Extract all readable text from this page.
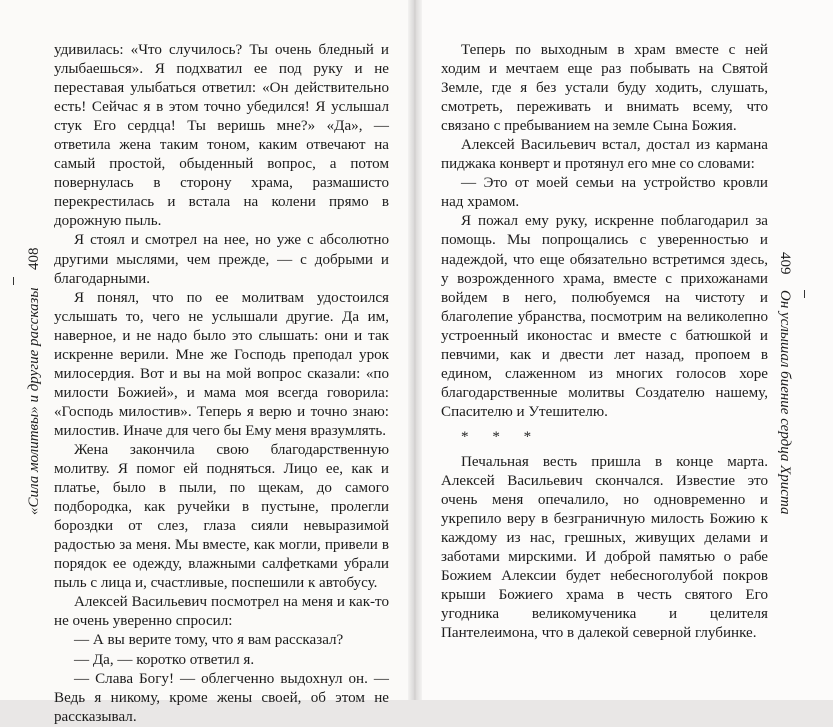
408
«Сила молитвы» и другие рассказы

удивилась: «Что случилось? Ты очень бледный и улыбаешься». Я подхватил ее под руку и не переставая улыбаться ответил: «Он действительно есть! Сейчас я в этом точно убедился! Я услышал стук Его сердца! Ты веришь мне?» «Да», — ответила жена таким тоном, каким отвечают на самый простой, обыденный вопрос, а потом повернулась в сторону храма, размашисто перекрестилась и встала на колени прямо в дорожную пыль.

Я стоял и смотрел на нее, но уже с абсолютно другими мыслями, чем прежде, — с добрыми и благодарными.

Я понял, что по ее молитвам удостоился услышать то, чего не услышали другие. Да им, наверное, и не надо было это слышать: они и так искренне верили. Мне же Господь преподал урок милосердия. Вот и вы на мой вопрос сказали: «по милости Божией», и мама моя всегда говорила: «Господь милостив». Теперь я верю и точно знаю: милостив. Иначе для чего бы Ему меня вразумлять.

Жена закончила свою благодарственную молитву. Я помог ей подняться. Лицо ее, как и платье, было в пыли, по щекам, до самого подбородка, как ручейки в пустыне, пролегли бороздки от слез, глаза сияли невыразимой радостью за меня. Мы вместе, как могли, привели в порядок ее одежду, влажными салфетками убрали пыль с лица и, счастливые, поспешили к автобусу.

Алексей Васильевич посмотрел на меня и как-то не очень уверенно спросил:

— А вы верите тому, что я вам рассказал?

— Да, — коротко ответил я.

— Слава Богу! — облегченно выдохнул он. — Ведь я никому, кроме жены своей, об этом не рассказывал.

409
Он услышал биение сердца Христа

Теперь по выходным в храм вместе с ней ходим и мечтаем еще раз побывать на Святой Земле, где я без устали буду ходить, слушать, смотреть, переживать и внимать всему, что связано с пребыванием на земле Сына Божия.

Алексей Васильевич встал, достал из кармана пиджака конверт и протянул его мне со словами:

— Это от моей семьи на устройство кровли над храмом.

Я пожал ему руку, искренне поблагодарил за помощь. Мы попрощались с уверенностью и надеждой, что еще обязательно встретимся здесь, у возрожденного храма, вместе с прихожанами войдем в него, полюбуемся на чистоту и благолепие убранства, посмотрим на великолепно устроенный иконостас и вместе с батюшкой и певчими, как и двести лет назад, пропоем в едином, слаженном из многих голосов хоре благодарственные молитвы Создателю нашему, Спасителю и Утешителю.

* * *

Печальная весть пришла в конце марта. Алексей Васильевич скончался. Известие это очень меня опечалило, но одновременно и укрепило веру в безграничную милость Божию к каждому из нас, грешных, живущих делами и заботами мирскими. И доброй памятью о рабе Божием Алексии будет небесноголубой покров крыши Божиего храма в честь святого Его угодника великомученика и целителя Пантелеимона, что в далекой северной глубинке.
